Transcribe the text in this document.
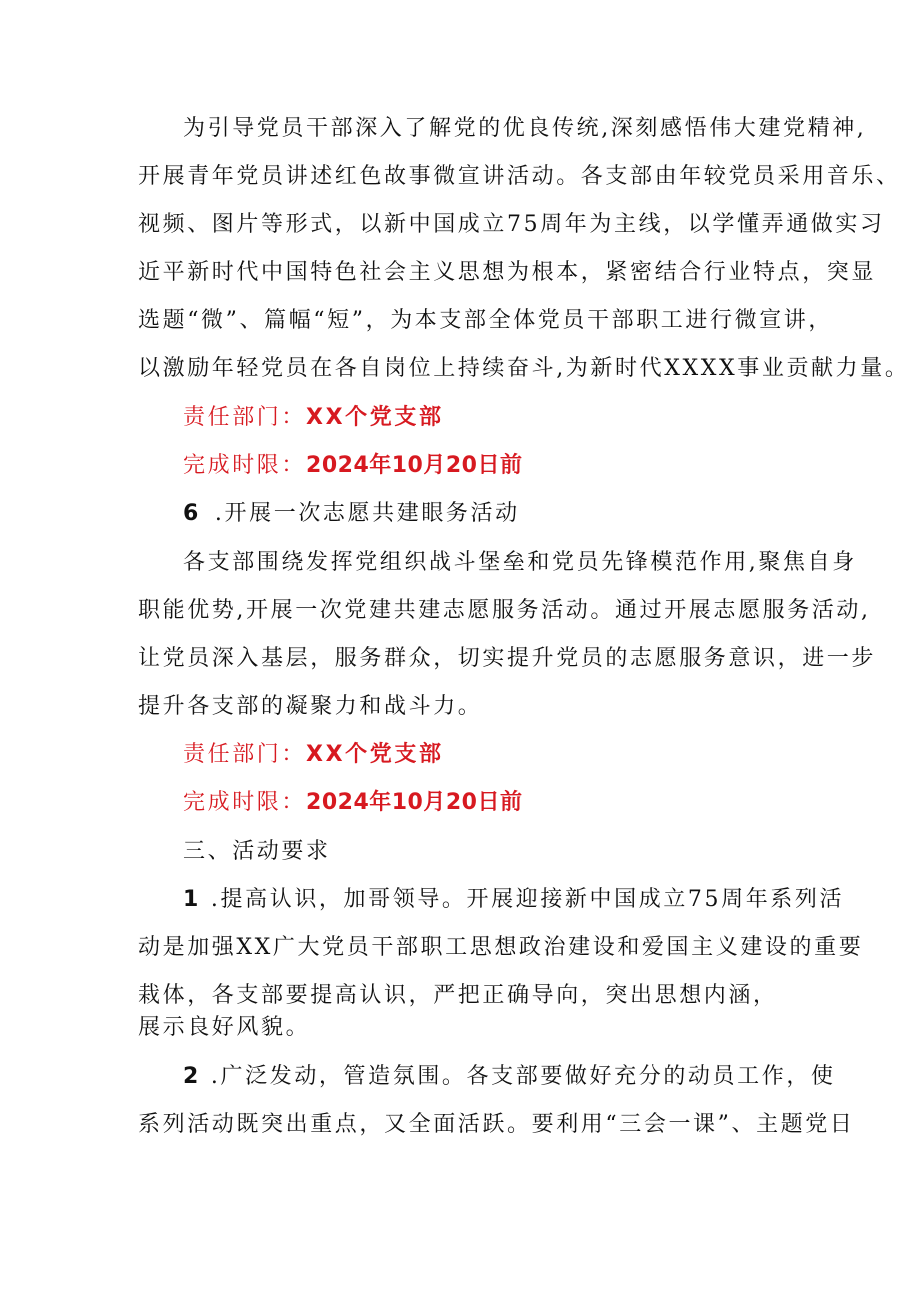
为引导党员干部深入了解党的优良传统,深刻感悟伟大建党精神,
开展青年党员讲述红色故事微宣讲活动。各支部由年较党员采用音乐、
视频、图片等形式，以新中国成立75周年为主线，以学懂弄通做实习
近平新时代中国特色社会主义思想为根本，紧密结合行业特点，突显
选题“微”、篇幅“短”，为本支部全体党员干部职工进行微宣讲，
以激励年轻党员在各自岗位上持续奋斗,为新时代XXXX事业贡献力量。
责任部门：XX个党支部
完成时限：2024年10月20日前
6 .开展一次志愿共建眼务活动
各支部围绕发挥党组织战斗堡垒和党员先锋模范作用,聚焦自身
职能优势,开展一次党建共建志愿服务活动。通过开展志愿服务活动,
让党员深入基层，服务群众，切实提升党员的志愿服务意识，进一步
提升各支部的凝聚力和战斗力。
责任部门：XX个党支部
完成时限：2024年10月20日前
三、活动要求
1 .提高认识，加哥领导。开展迎接新中国成立75周年系列活
动是加强XX广大党员干部职工思想政治建设和爱国主义建设的重要
栽体，各支部要提高认识，严把正确导向，突出思想内涵，
展示良好风貌。
2 .广泛发动，管造氛围。各支部要做好充分的动员工作，使
系列活动既突出重点，又全面活跃。要利用“三会一课”、主题党日
